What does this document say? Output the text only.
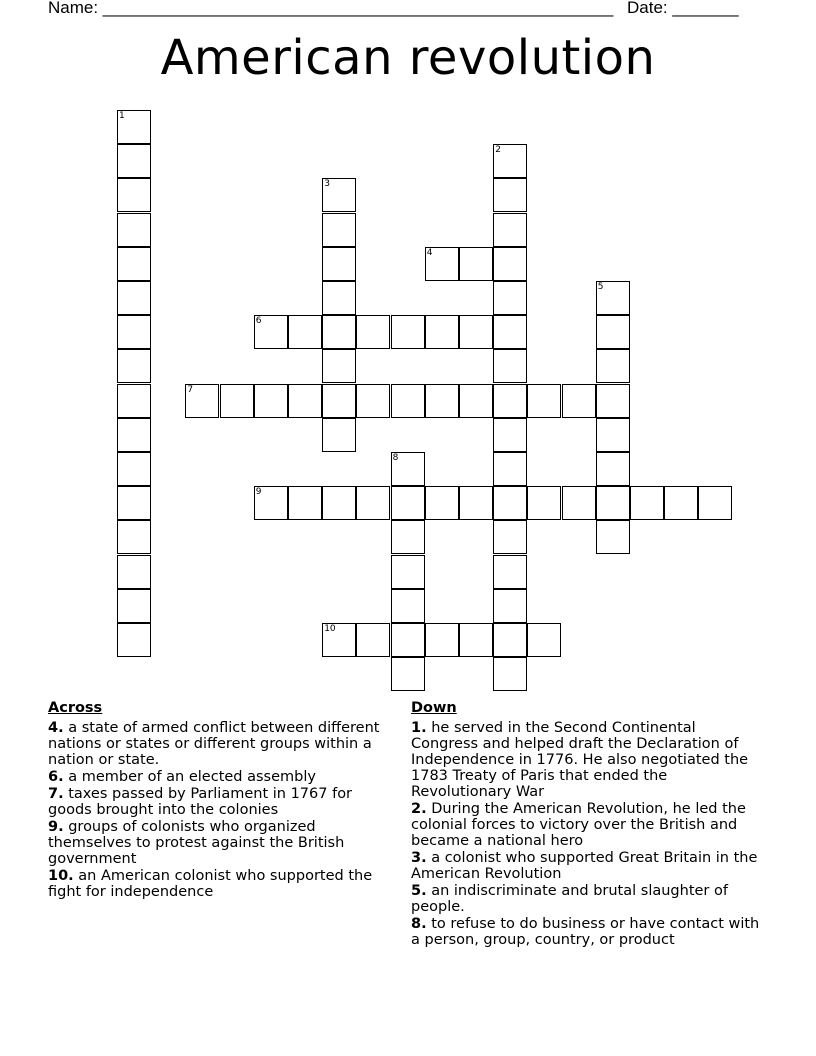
Name: ______________________________________________________ Date: _______
American revolution
1
2
3
4
5
6
7
8
9
10
Across
4. a state of armed conflict between different nations or states or different groups within a nation or state.
6. a member of an elected assembly
7. taxes passed by Parliament in 1767 for goods brought into the colonies
9. groups of colonists who organized themselves to protest against the British government
10. an American colonist who supported the fight for independence
Down
1. he served in the Second Continental Congress and helped draft the Declaration of Independence in 1776. He also negotiated the 1783 Treaty of Paris that ended the Revolutionary War
2. During the American Revolution, he led the colonial forces to victory over the British and became a national hero
3. a colonist who supported Great Britain in the American Revolution
5. an indiscriminate and brutal slaughter of people.
8. to refuse to do business or have contact with a person, group, country, or product
